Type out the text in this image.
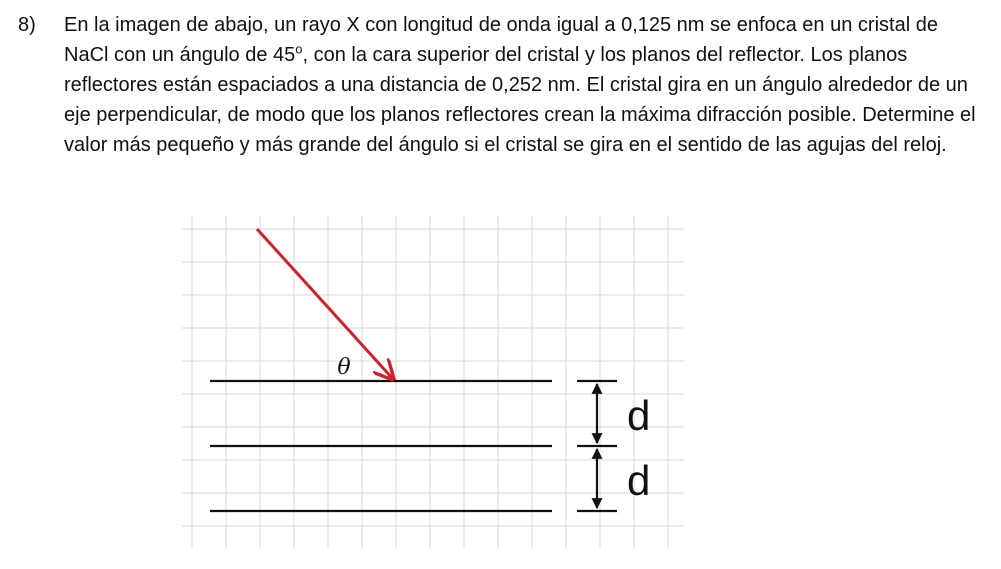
8)	En la imagen de abajo, un rayo X con longitud de onda igual a 0,125 nm se enfoca en un cristal de NaCl con un ángulo de 45$^o$, con la cara superior del cristal y los planos del reflector. Los planos reflectores están espaciados a una distancia de 0,252 nm. El cristal gira en un ángulo alrededor de un eje perpendicular, de modo que los planos reflectores crean la máxima difracción posible. Determine el valor más pequeño y más grande del ángulo si el cristal se gira en el sentido de las agujas del reloj.

θ
d
d
